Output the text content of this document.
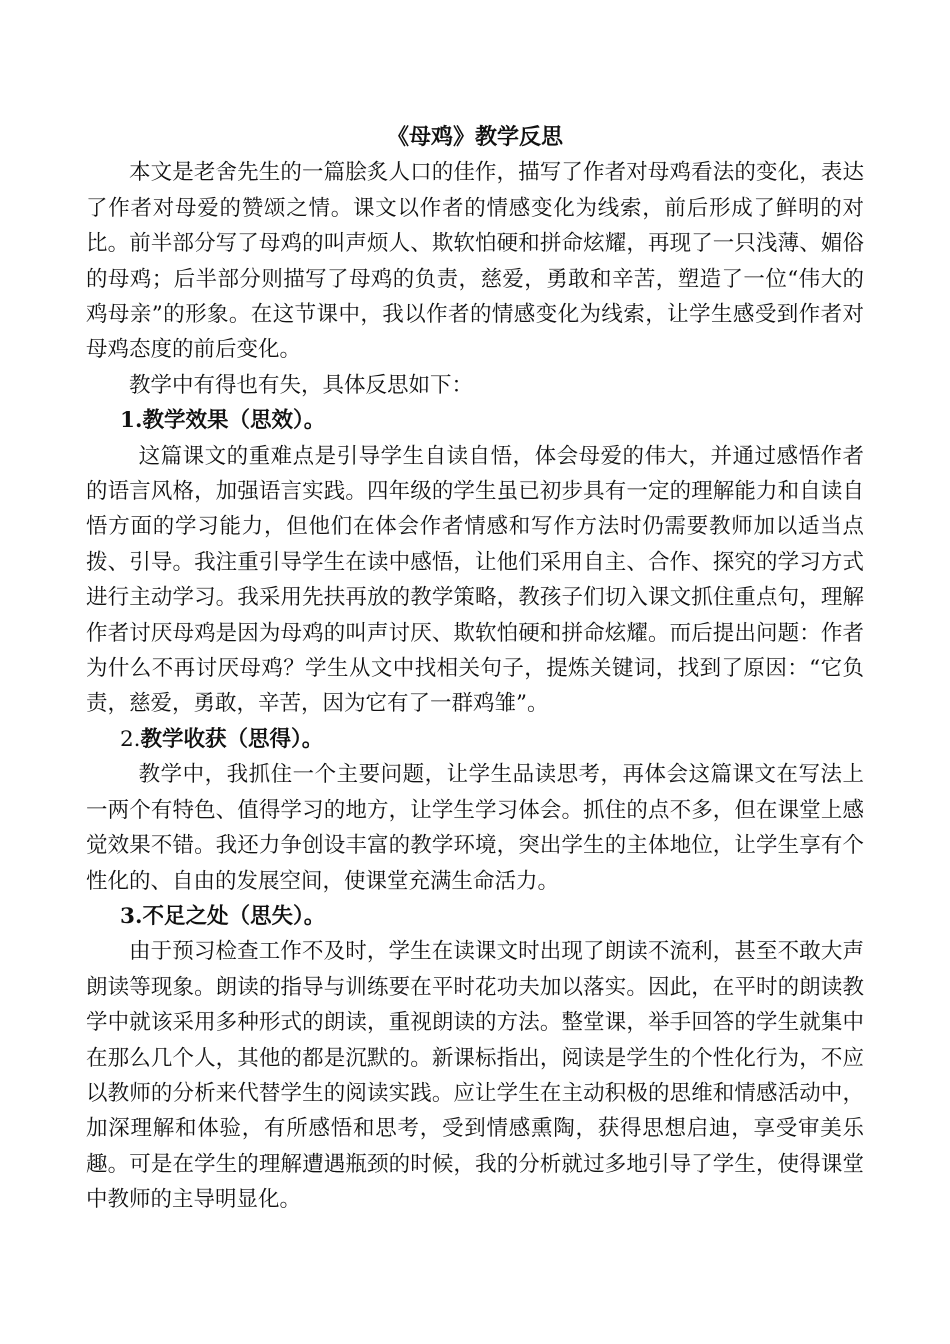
《母鸡》教学反思

本文是老舍先生的一篇脍炙人口的佳作，描写了作者对母鸡看法的变化，表达了作者对母爱的赞颂之情。课文以作者的情感变化为线索，前后形成了鲜明的对比。前半部分写了母鸡的叫声烦人、欺软怕硬和拼命炫耀，再现了一只浅薄、媚俗的母鸡；后半部分则描写了母鸡的负责，慈爱，勇敢和辛苦，塑造了一位“伟大的鸡母亲”的形象。在这节课中，我以作者的情感变化为线索，让学生感受到作者对母鸡态度的前后变化。

教学中有得也有失，具体反思如下：

1.教学效果（思效）。

这篇课文的重难点是引导学生自读自悟，体会母爱的伟大，并通过感悟作者的语言风格，加强语言实践。四年级的学生虽已初步具有一定的理解能力和自读自悟方面的学习能力，但他们在体会作者情感和写作方法时仍需要教师加以适当点拨、引导。我注重引导学生在读中感悟，让他们采用自主、合作、探究的学习方式进行主动学习。我采用先扶再放的教学策略，教孩子们切入课文抓住重点句，理解作者讨厌母鸡是因为母鸡的叫声讨厌、欺软怕硬和拼命炫耀。而后提出问题：作者为什么不再讨厌母鸡？学生从文中找相关句子，提炼关键词，找到了原因：“它负责，慈爱，勇敢，辛苦，因为它有了一群鸡雏”。

2.教学收获（思得）。

教学中，我抓住一个主要问题，让学生品读思考，再体会这篇课文在写法上一两个有特色、值得学习的地方，让学生学习体会。抓住的点不多，但在课堂上感觉效果不错。我还力争创设丰富的教学环境，突出学生的主体地位，让学生享有个性化的、自由的发展空间，使课堂充满生命活力。

3.不足之处（思失）。

由于预习检查工作不及时，学生在读课文时出现了朗读不流利，甚至不敢大声朗读等现象。朗读的指导与训练要在平时花功夫加以落实。因此，在平时的朗读教学中就该采用多种形式的朗读，重视朗读的方法。整堂课，举手回答的学生就集中在那么几个人，其他的都是沉默的。新课标指出，阅读是学生的个性化行为，不应以教师的分析来代替学生的阅读实践。应让学生在主动积极的思维和情感活动中，加深理解和体验，有所感悟和思考，受到情感熏陶，获得思想启迪，享受审美乐趣。可是在学生的理解遭遇瓶颈的时候，我的分析就过多地引导了学生，使得课堂中教师的主导明显化。
